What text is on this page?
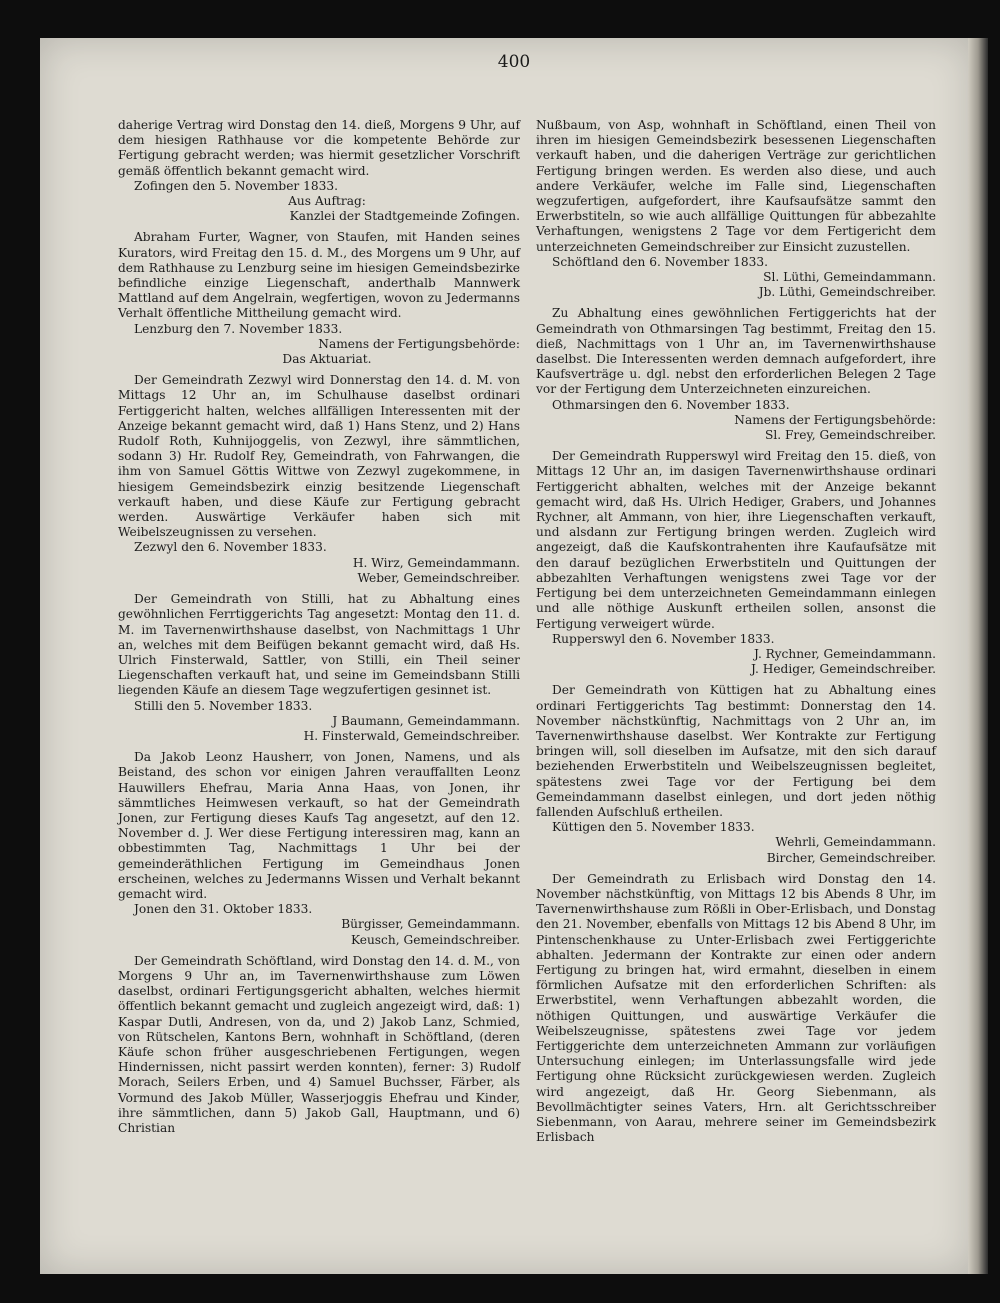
400

daherige Vertrag wird Donstag den 14. dieß, Morgens 9 Uhr, auf dem hiesigen Rathhause vor die kompetente Behörde zur Fertigung gebracht werden; was hiermit gesetzlicher Vorschrift gemäß öffentlich bekannt gemacht wird.

Zofingen den 5. November 1833.

Aus Auftrag:

Kanzlei der Stadtgemeinde Zofingen.

Abraham Furter, Wagner, von Staufen, mit Handen seines Kurators, wird Freitag den 15. d. M., des Morgens um 9 Uhr, auf dem Rathhause zu Lenzburg seine im hiesigen Gemeindsbezirke befindliche einzige Liegenschaft, anderthalb Mannwerk Mattland auf dem Angelrain, wegfertigen, wovon zu Jedermanns Verhalt öffentliche Mittheilung gemacht wird.

Lenzburg den 7. November 1833.

Namens der Fertigungsbehörde:

Das Aktuariat.

Der Gemeindrath Zezwyl wird Donnerstag den 14. d. M. von Mittags 12 Uhr an, im Schulhause daselbst ordinari Fertiggericht halten, welches allfälligen Interessenten mit der Anzeige bekannt gemacht wird, daß 1) Hans Stenz, und 2) Hans Rudolf Roth, Kuhnijoggelis, von Zezwyl, ihre sämmtlichen, sodann 3) Hr. Rudolf Rey, Gemeindrath, von Fahrwangen, die ihm von Samuel Göttis Wittwe von Zezwyl zugekommene, in hiesigem Gemeindsbezirk einzig besitzende Liegenschaft verkauft haben, und diese Käufe zur Fertigung gebracht werden. Auswärtige Verkäufer haben sich mit Weibelszeugnissen zu versehen.

Zezwyl den 6. November 1833.

H. Wirz, Gemeindammann.

Weber, Gemeindschreiber.

Der Gemeindrath von Stilli, hat zu Abhaltung eines gewöhnlichen Ferrtiggerichts Tag angesetzt: Montag den 11. d. M. im Tavernenwirthshause daselbst, von Nachmittags 1 Uhr an, welches mit dem Beifügen bekannt gemacht wird, daß Hs. Ulrich Finsterwald, Sattler, von Stilli, ein Theil seiner Liegenschaften verkauft hat, und seine im Gemeindsbann Stilli liegenden Käufe an diesem Tage wegzufertigen gesinnet ist.

Stilli den 5. November 1833.

J Baumann, Gemeindammann.

H. Finsterwald, Gemeindschreiber.

Da Jakob Leonz Hausherr, von Jonen, Namens, und als Beistand, des schon vor einigen Jahren verauffallten Leonz Hauwillers Ehefrau, Maria Anna Haas, von Jonen, ihr sämmtliches Heimwesen verkauft, so hat der Gemeindrath Jonen, zur Fertigung dieses Kaufs Tag angesetzt, auf den 12. November d. J. Wer diese Fertigung interessiren mag, kann an obbestimmten Tag, Nachmittags 1 Uhr bei der gemeinderäthlichen Fertigung im Gemeindhaus Jonen erscheinen, welches zu Jedermanns Wissen und Verhalt bekannt gemacht wird.

Jonen den 31. Oktober 1833.

Bürgisser, Gemeindammann.

Keusch, Gemeindschreiber.

Der Gemeindrath Schöftland, wird Donstag den 14. d. M., von Morgens 9 Uhr an, im Tavernenwirthshause zum Löwen daselbst, ordinari Fertigungsgericht abhalten, welches hiermit öffentlich bekannt gemacht und zugleich angezeigt wird, daß: 1) Kaspar Dutli, Andresen, von da, und 2) Jakob Lanz, Schmied, von Rütschelen, Kantons Bern, wohnhaft in Schöftland, (deren Käufe schon früher ausgeschriebenen Fertigungen, wegen Hindernissen, nicht passirt werden konnten), ferner: 3) Rudolf Morach, Seilers Erben, und 4) Samuel Buchsser, Färber, als Vormund des Jakob Müller, Wasserjoggis Ehefrau und Kinder, ihre sämmtlichen, dann 5) Jakob Gall, Hauptmann, und 6) Christian

Nußbaum, von Asp, wohnhaft in Schöftland, einen Theil von ihren im hiesigen Gemeindsbezirk besessenen Liegenschaften verkauft haben, und die daherigen Verträge zur gerichtlichen Fertigung bringen werden. Es werden also diese, und auch andere Verkäufer, welche im Falle sind, Liegenschaften wegzufertigen, aufgefordert, ihre Kaufsaufsätze sammt den Erwerbstiteln, so wie auch allfällige Quittungen für abbezahlte Verhaftungen, wenigstens 2 Tage vor dem Fertigericht dem unterzeichneten Gemeindschreiber zur Einsicht zuzustellen.

Schöftland den 6. November 1833.

Sl. Lüthi, Gemeindammann.

Jb. Lüthi, Gemeindschreiber.

Zu Abhaltung eines gewöhnlichen Fertiggerichts hat der Gemeindrath von Othmarsingen Tag bestimmt, Freitag den 15. dieß, Nachmittags von 1 Uhr an, im Tavernenwirthshause daselbst. Die Interessenten werden demnach aufgefordert, ihre Kaufsverträge u. dgl. nebst den erforderlichen Belegen 2 Tage vor der Fertigung dem Unterzeichneten einzureichen.

Othmarsingen den 6. November 1833.

Namens der Fertigungsbehörde:

Sl. Frey, Gemeindschreiber.

Der Gemeindrath Rupperswyl wird Freitag den 15. dieß, von Mittags 12 Uhr an, im dasigen Tavernenwirthshause ordinari Fertiggericht abhalten, welches mit der Anzeige bekannt gemacht wird, daß Hs. Ulrich Hediger, Grabers, und Johannes Rychner, alt Ammann, von hier, ihre Liegenschaften verkauft, und alsdann zur Fertigung bringen werden. Zugleich wird angezeigt, daß die Kaufskontrahenten ihre Kaufaufsätze mit den darauf bezüglichen Erwerbstiteln und Quittungen der abbezahlten Verhaftungen wenigstens zwei Tage vor der Fertigung bei dem unterzeichneten Gemeindammann einlegen und alle nöthige Auskunft ertheilen sollen, ansonst die Fertigung verweigert würde.

Rupperswyl den 6. November 1833.

J. Rychner, Gemeindammann.

J. Hediger, Gemeindschreiber.

Der Gemeindrath von Küttigen hat zu Abhaltung eines ordinari Fertiggerichts Tag bestimmt: Donnerstag den 14. November nächstkünftig, Nachmittags von 2 Uhr an, im Tavernenwirthshause daselbst. Wer Kontrakte zur Fertigung bringen will, soll dieselben im Aufsatze, mit den sich darauf beziehenden Erwerbstiteln und Weibelszeugnissen begleitet, spätestens zwei Tage vor der Fertigung bei dem Gemeindammann daselbst einlegen, und dort jeden nöthig fallenden Aufschluß ertheilen.

Küttigen den 5. November 1833.

Wehrli, Gemeindammann.

Bircher, Gemeindschreiber.

Der Gemeindrath zu Erlisbach wird Donstag den 14. November nächstkünftig, von Mittags 12 bis Abends 8 Uhr, im Tavernenwirthshause zum Rößli in Ober-Erlisbach, und Donstag den 21. November, ebenfalls von Mittags 12 bis Abend 8 Uhr, im Pintenschenkhause zu Unter-Erlisbach zwei Fertiggerichte abhalten. Jedermann der Kontrakte zur einen oder andern Fertigung zu bringen hat, wird ermahnt, dieselben in einem förmlichen Aufsatze mit den erforderlichen Schriften: als Erwerbstitel, wenn Verhaftungen abbezahlt worden, die nöthigen Quittungen, und auswärtige Verkäufer die Weibelszeugnisse, spätestens zwei Tage vor jedem Fertiggerichte dem unterzeichneten Ammann zur vorläufigen Untersuchung einlegen; im Unterlassungsfalle wird jede Fertigung ohne Rücksicht zurückgewiesen werden. Zugleich wird angezeigt, daß Hr. Georg Siebenmann, als Bevollmächtigter seines Vaters, Hrn. alt Gerichtsschreiber Siebenmann, von Aarau, mehrere seiner im Gemeindsbezirk Erlisbach
